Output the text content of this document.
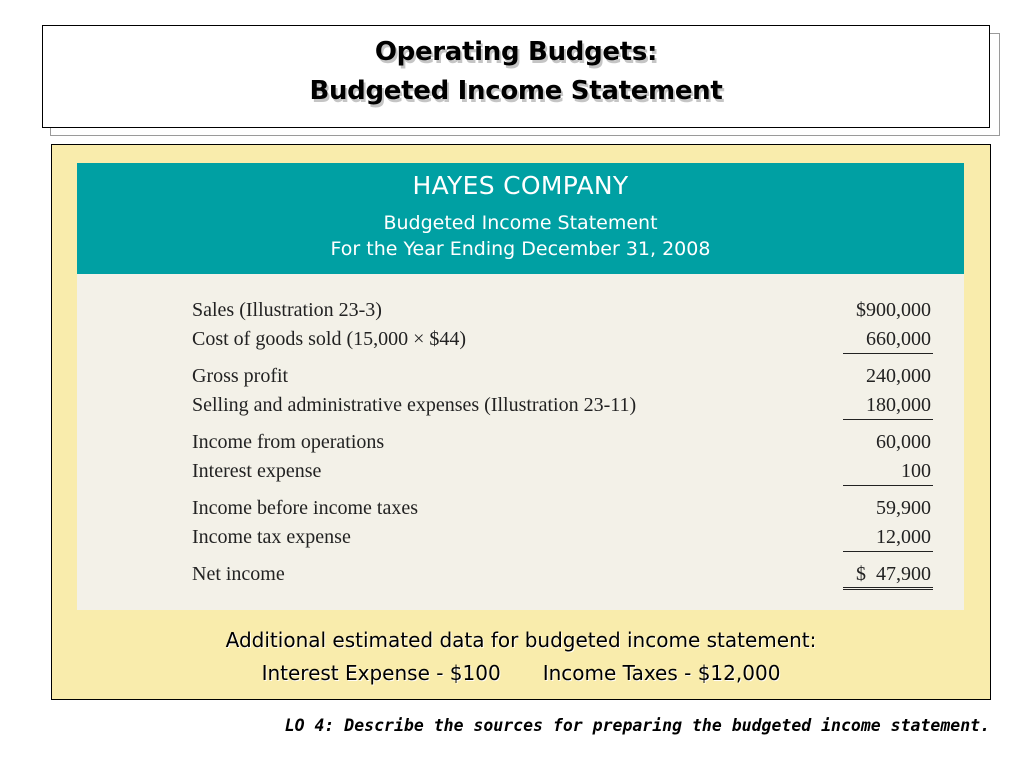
Operating Budgets:
Budgeted Income Statement
HAYES COMPANY
Budgeted Income Statement
For the Year Ending December 31, 2008
Sales (Illustration 23-3)	$900,000
Cost of goods sold (15,000 × $44)	660,000
Gross profit	240,000
Selling and administrative expenses (Illustration 23-11)	180,000
Income from operations	60,000
Interest expense	100
Income before income taxes	59,900
Income tax expense	12,000
Net income	$  47,900
Additional estimated data for budgeted income statement:
Interest Expense - $100 Income Taxes - $12,000
LO 4: Describe the sources for preparing the budgeted income statement.
